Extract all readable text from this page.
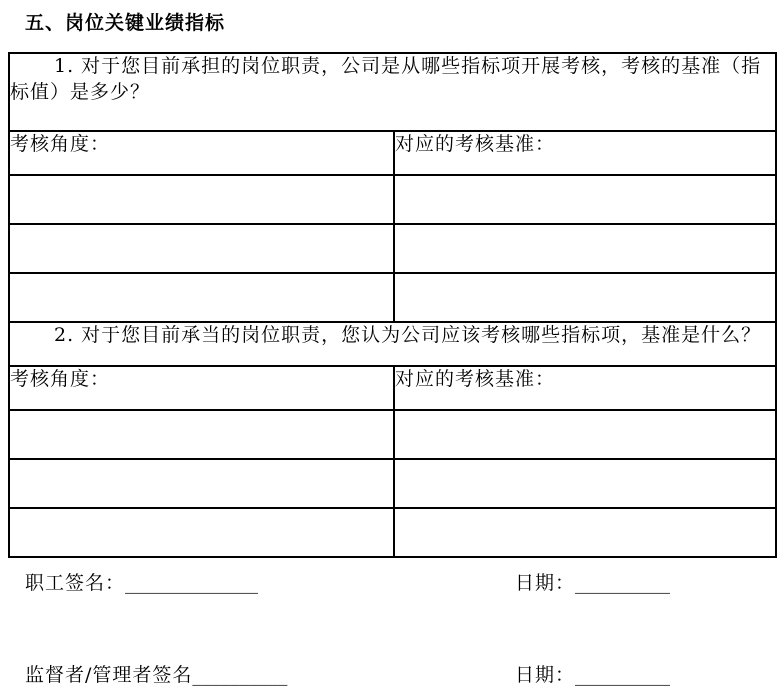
五、岗位关键业绩指标
1. 对于您目前承担的岗位职责，公司是从哪些指标项开展考核，考核的基准（指标值）是多少？	
考核角度：	对应的考核基准：

2. 对于您目前承当的岗位职责，您认为公司应该考核哪些指标项，基准是什么？	
考核角度：	对应的考核基准：

职工签名：______________	日期：__________
监督者/管理者签名__________	日期：__________
